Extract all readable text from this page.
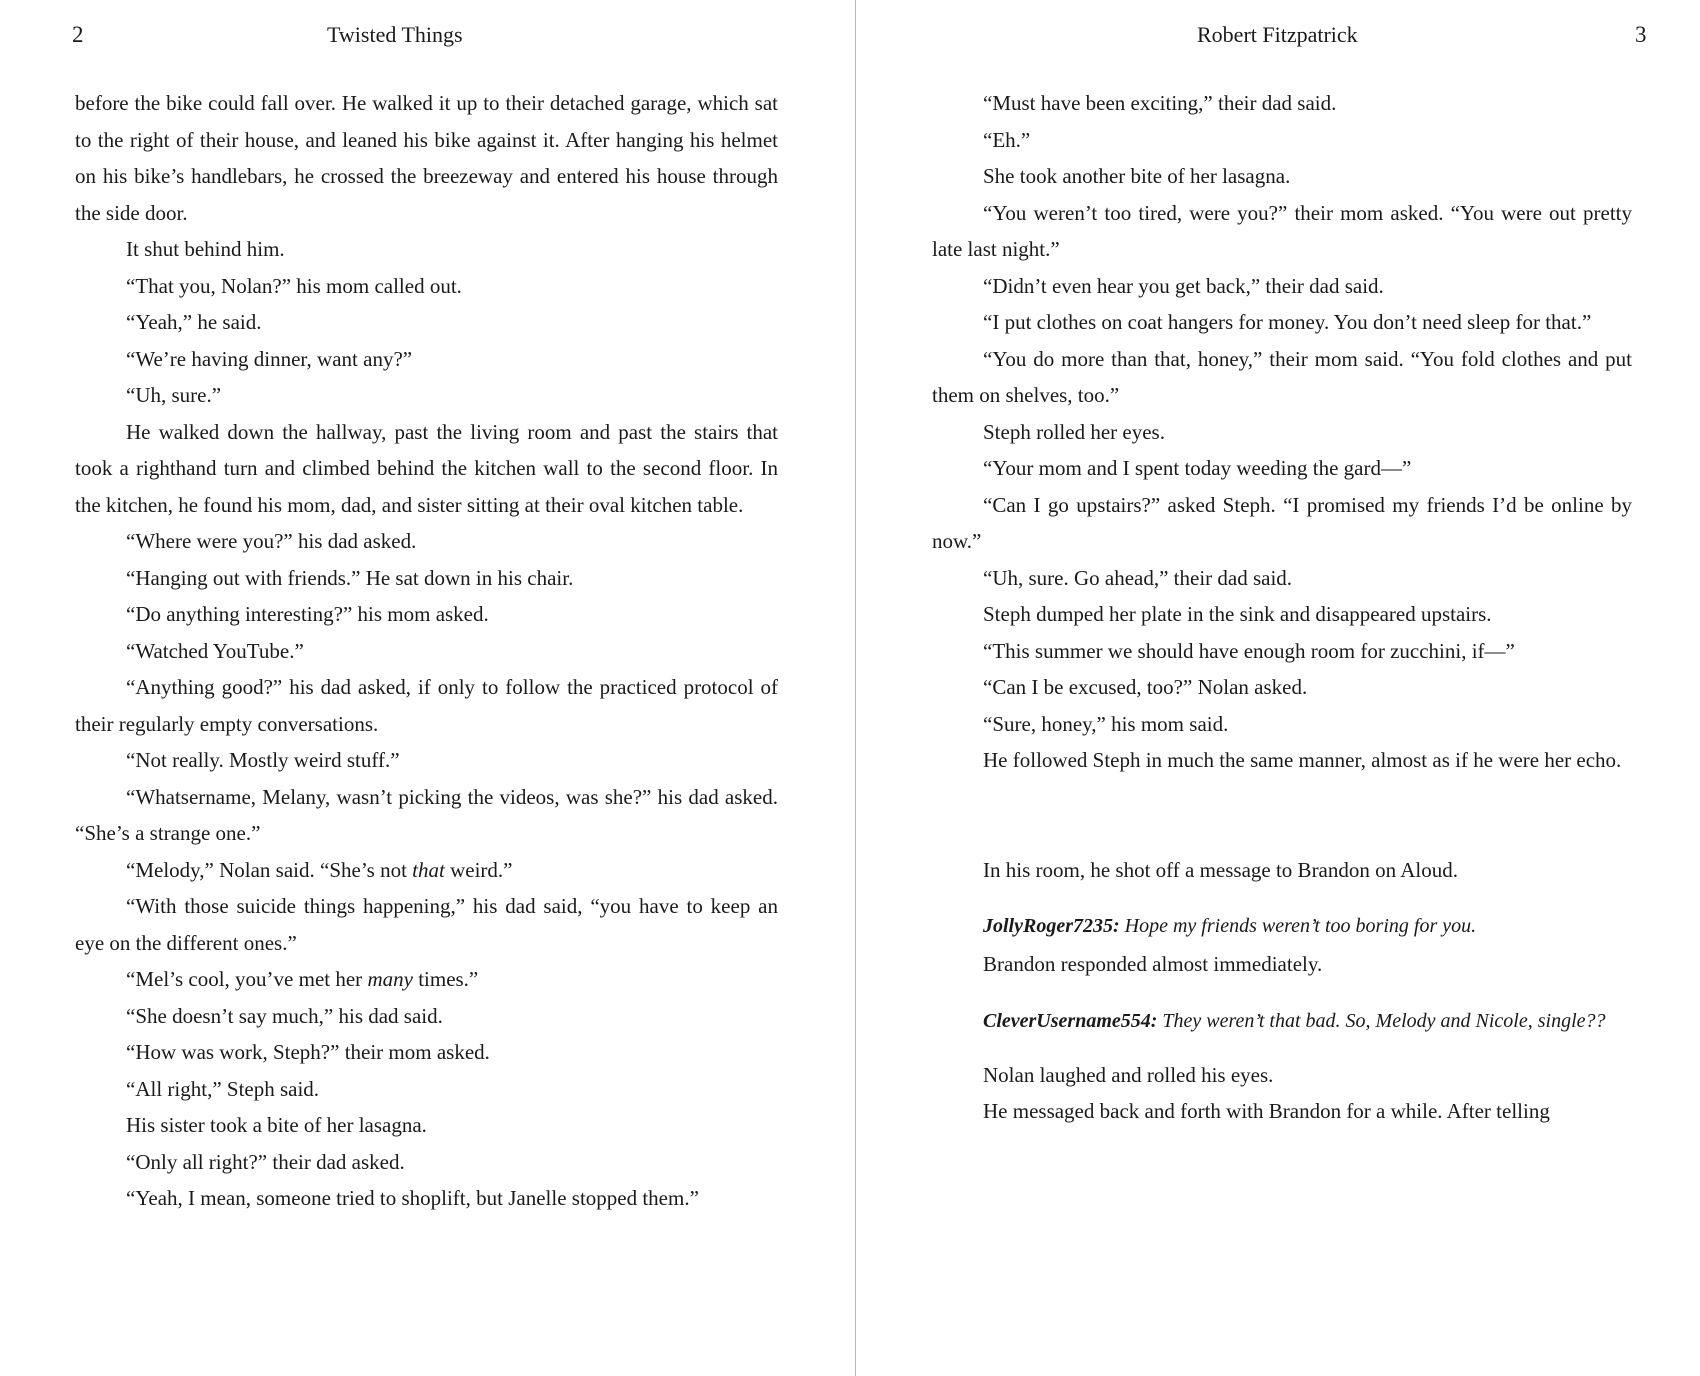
2	Twisted Things

before the bike could fall over. He walked it up to their detached garage, which sat to the right of their house, and leaned his bike against it. After hanging his helmet on his bike’s handlebars, he crossed the breezeway and entered his house through the side door.

It shut behind him.

“That you, Nolan?” his mom called out.

“Yeah,” he said.

“We’re having dinner, want any?”

“Uh, sure.”

He walked down the hallway, past the living room and past the stairs that took a righthand turn and climbed behind the kitchen wall to the second floor. In the kitchen, he found his mom, dad, and sister sitting at their oval kitchen table.

“Where were you?” his dad asked.

“Hanging out with friends.” He sat down in his chair.

“Do anything interesting?” his mom asked.

“Watched YouTube.”

“Anything good?” his dad asked, if only to follow the practiced protocol of their regularly empty conversations.

“Not really. Mostly weird stuff.”

“Whatsername, Melany, wasn’t picking the videos, was she?” his dad asked. “She’s a strange one.”

“Melody,” Nolan said. “She’s not that weird.”

“With those suicide things happening,” his dad said, “you have to keep an eye on the different ones.”

“Mel’s cool, you’ve met her many times.”

“She doesn’t say much,” his dad said.

“How was work, Steph?” their mom asked.

“All right,” Steph said.

His sister took a bite of her lasagna.

“Only all right?” their dad asked.

“Yeah, I mean, someone tried to shoplift, but Janelle stopped them.”

Robert Fitzpatrick	3

“Must have been exciting,” their dad said.

“Eh.”

She took another bite of her lasagna.

“You weren’t too tired, were you?” their mom asked. “You were out pretty late last night.”

“Didn’t even hear you get back,” their dad said.

“I put clothes on coat hangers for money. You don’t need sleep for that.”

“You do more than that, honey,” their mom said. “You fold clothes and put them on shelves, too.”

Steph rolled her eyes.

“Your mom and I spent today weeding the gard—”

“Can I go upstairs?” asked Steph. “I promised my friends I’d be online by now.”

“Uh, sure. Go ahead,” their dad said.

Steph dumped her plate in the sink and disappeared upstairs.

“This summer we should have enough room for zucchini, if—”

“Can I be excused, too?” Nolan asked.

“Sure, honey,” his mom said.

He followed Steph in much the same manner, almost as if he were her echo.

In his room, he shot off a message to Brandon on Aloud.

JollyRoger7235: Hope my friends weren’t too boring for you.

Brandon responded almost immediately.

CleverUsername554: They weren’t that bad. So, Melody and Nicole, single??

Nolan laughed and rolled his eyes.

He messaged back and forth with Brandon for a while. After telling
